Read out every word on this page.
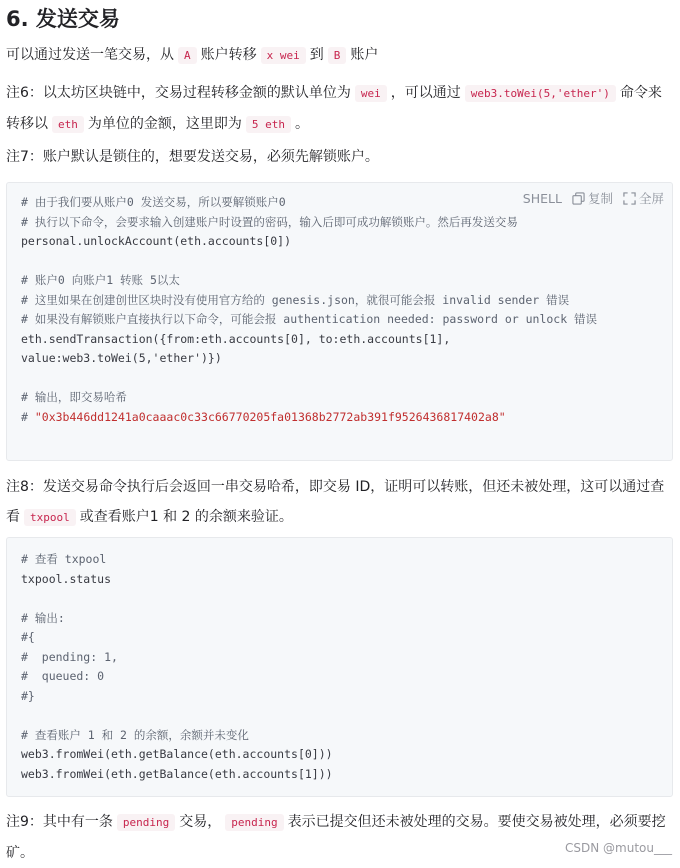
6. 发送交易
可以通过发送一笔交易，从 A 账户转移 x wei 到 B 账户
注6：以太坊区块链中，交易过程转移金额的默认单位为 wei ，可以通过 web3.toWei(5,'ether') 命令来转移以 eth 为单位的金额，这里即为 5 eth 。
注7：账户默认是锁住的，想要发送交易，必须先解锁账户。
SHELL 复制 全屏
# 由于我们要从账户0 发送交易，所以要解锁账户0
# 执行以下命令，会要求输入创建账户时设置的密码，输入后即可成功解锁账户。然后再发送交易
personal.unlockAccount(eth.accounts[0])

# 账户0 向账户1 转账 5以太
# 这里如果在创建创世区块时没有使用官方给的 genesis.json，就很可能会报 invalid sender 错误
# 如果没有解锁账户直接执行以下命令，可能会报 authentication needed: password or unlock 错误
eth.sendTransaction({from:eth.accounts[0], to:eth.accounts[1],
value:web3.toWei(5,'ether')})

# 输出，即交易哈希
# "0x3b446dd1241a0caaac0c33c66770205fa01368b2772ab391f9526436817402a8"
注8：发送交易命令执行后会返回一串交易哈希，即交易 ID，证明可以转账，但还未被处理，这可以通过查看 txpool 或查看账户1 和 2 的余额来验证。
# 查看 txpool
txpool.status

# 输出:
#{
#  pending: 1,
#  queued: 0
#}

# 查看账户 1 和 2 的余额，余额并未变化
web3.fromWei(eth.getBalance(eth.accounts[0]))
web3.fromWei(eth.getBalance(eth.accounts[1]))
注9：其中有一条 pending 交易， pending 表示已提交但还未被处理的交易。要使交易被处理，必须要挖矿。	CSDN @mutou___
